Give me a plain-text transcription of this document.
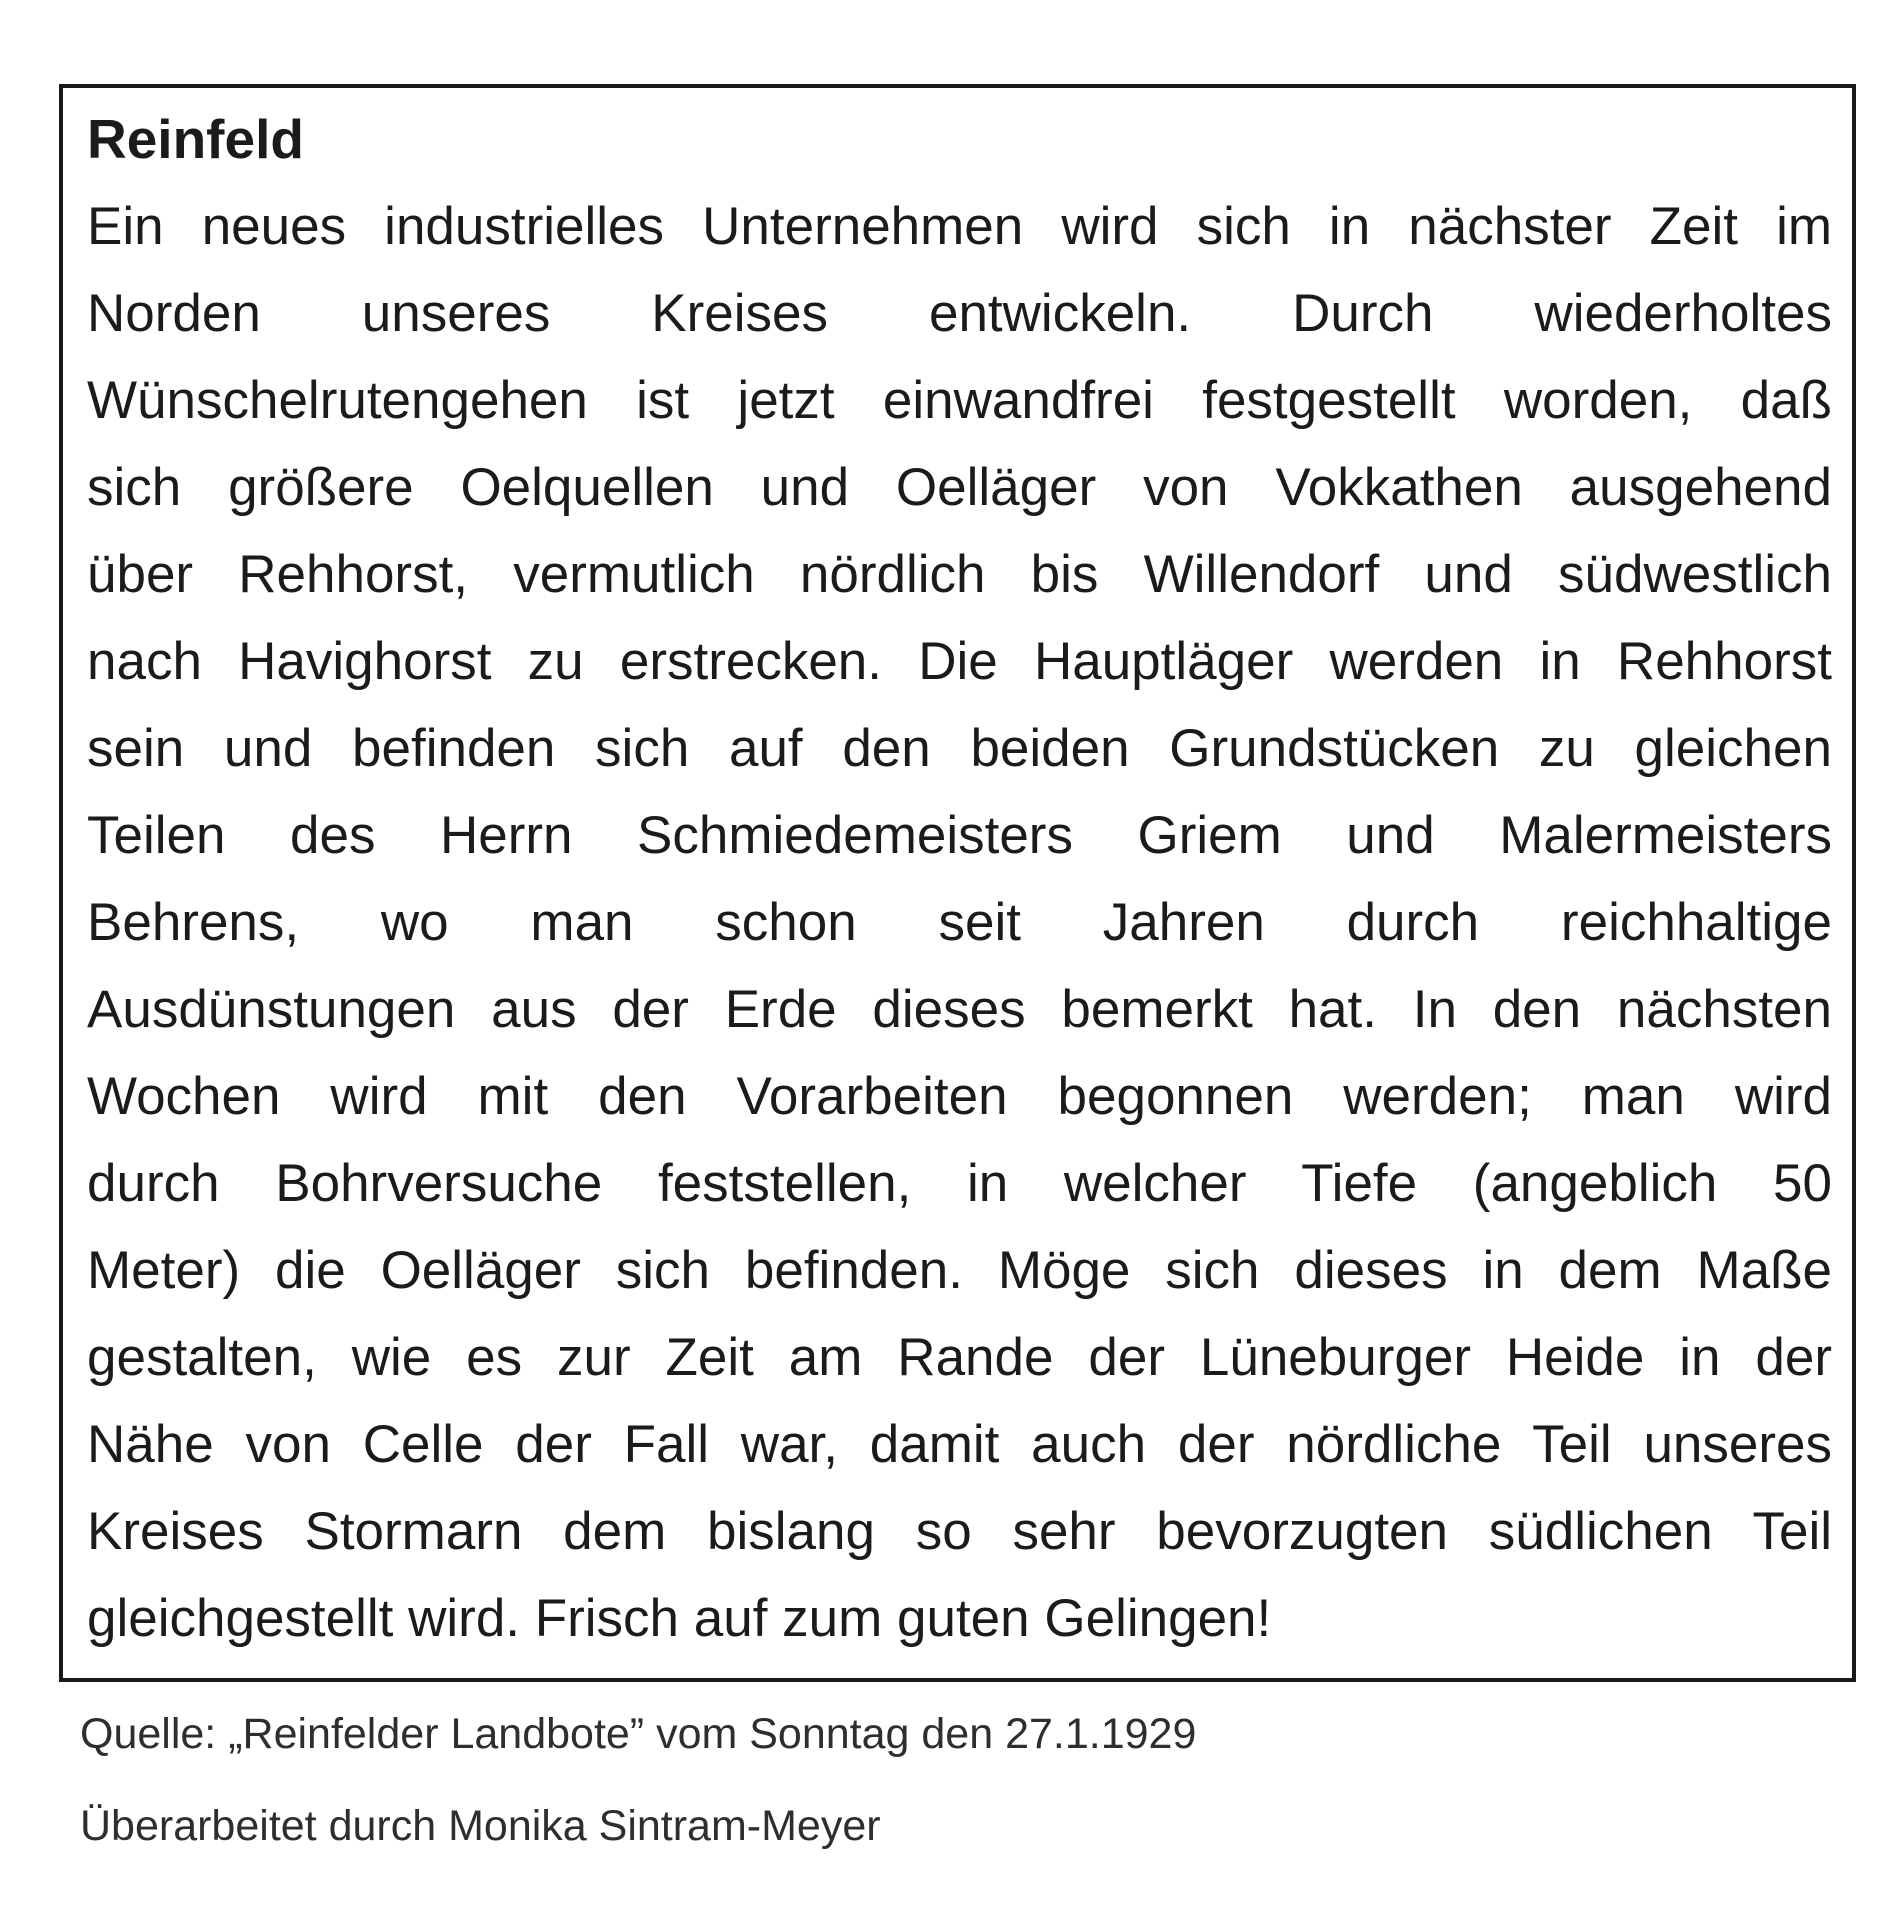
Reinfeld
Ein neues industrielles Unternehmen wird sich in nächster Zeit im
Norden unseres Kreises entwickeln. Durch wiederholtes
Wünschelrutengehen ist jetzt einwandfrei festgestellt worden, daß
sich größere Oelquellen und Oelläger von Vokkathen ausgehend
über Rehhorst, vermutlich nördlich bis Willendorf und südwestlich
nach Havighorst zu erstrecken. Die Hauptläger werden in Rehhorst
sein und befinden sich auf den beiden Grundstücken zu gleichen
Teilen des Herrn Schmiedemeisters Griem und Malermeisters
Behrens, wo man schon seit Jahren durch reichhaltige
Ausdünstungen aus der Erde dieses bemerkt hat. In den nächsten
Wochen wird mit den Vorarbeiten begonnen werden; man wird
durch Bohrversuche feststellen, in welcher Tiefe (angeblich 50
Meter) die Oelläger sich befinden. Möge sich dieses in dem Maße
gestalten, wie es zur Zeit am Rande der Lüneburger Heide in der
Nähe von Celle der Fall war, damit auch der nördliche Teil unseres
Kreises Stormarn dem bislang so sehr bevorzugten südlichen Teil
gleichgestellt wird. Frisch auf zum guten Gelingen!

Quelle: „Reinfelder Landbote” vom Sonntag den 27.1.1929

Überarbeitet durch Monika Sintram-Meyer
